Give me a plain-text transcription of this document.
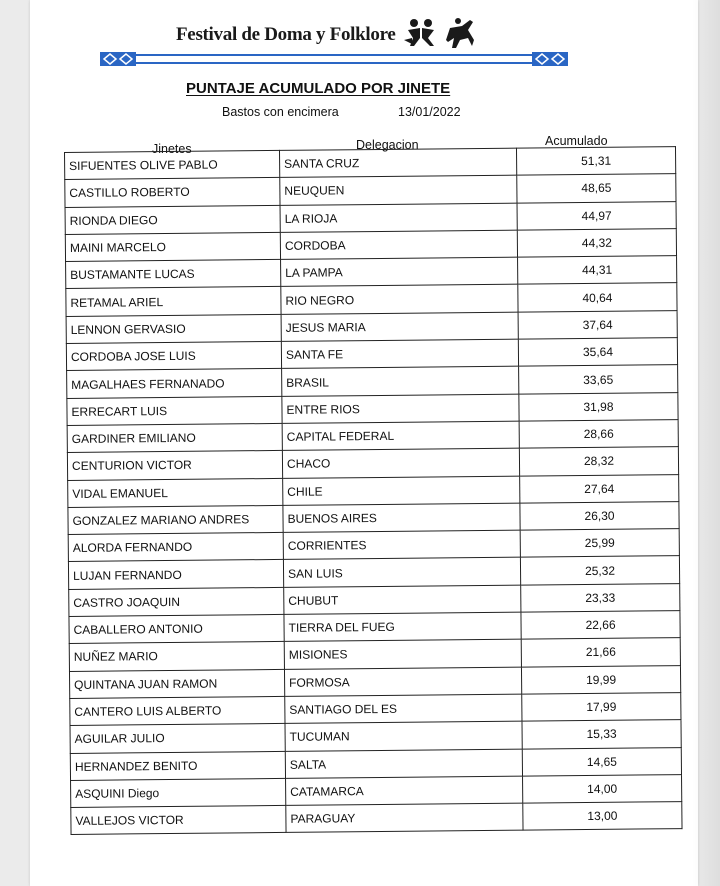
Festival de Doma y Folklore
PUNTAJE ACUMULADO POR JINETE
Bastos con encimera	13/01/2022
Jinetes	Delegacion	Acumulado
SIFUENTES OLIVE PABLO	SANTA CRUZ	51,31
CASTILLO ROBERTO	NEUQUEN	48,65
RIONDA DIEGO	LA RIOJA	44,97
MAINI MARCELO	CORDOBA	44,32
BUSTAMANTE LUCAS	LA PAMPA	44,31
RETAMAL ARIEL	RIO NEGRO	40,64
LENNON GERVASIO	JESUS MARIA	37,64
CORDOBA JOSE LUIS	SANTA FE	35,64
MAGALHAES FERNANADO	BRASIL	33,65
ERRECART LUIS	ENTRE RIOS	31,98
GARDINER EMILIANO	CAPITAL FEDERAL	28,66
CENTURION VICTOR	CHACO	28,32
VIDAL EMANUEL	CHILE	27,64
GONZALEZ MARIANO ANDRES	BUENOS AIRES	26,30
ALORDA FERNANDO	CORRIENTES	25,99
LUJAN FERNANDO	SAN LUIS	25,32
CASTRO JOAQUIN	CHUBUT	23,33
CABALLERO ANTONIO	TIERRA DEL FUEG	22,66
NUÑEZ MARIO	MISIONES	21,66
QUINTANA JUAN RAMON	FORMOSA	19,99
CANTERO LUIS ALBERTO	SANTIAGO DEL ES	17,99
AGUILAR JULIO	TUCUMAN	15,33
HERNANDEZ BENITO	SALTA	14,65
ASQUINI Diego	CATAMARCA	14,00
VALLEJOS VICTOR	PARAGUAY	13,00
